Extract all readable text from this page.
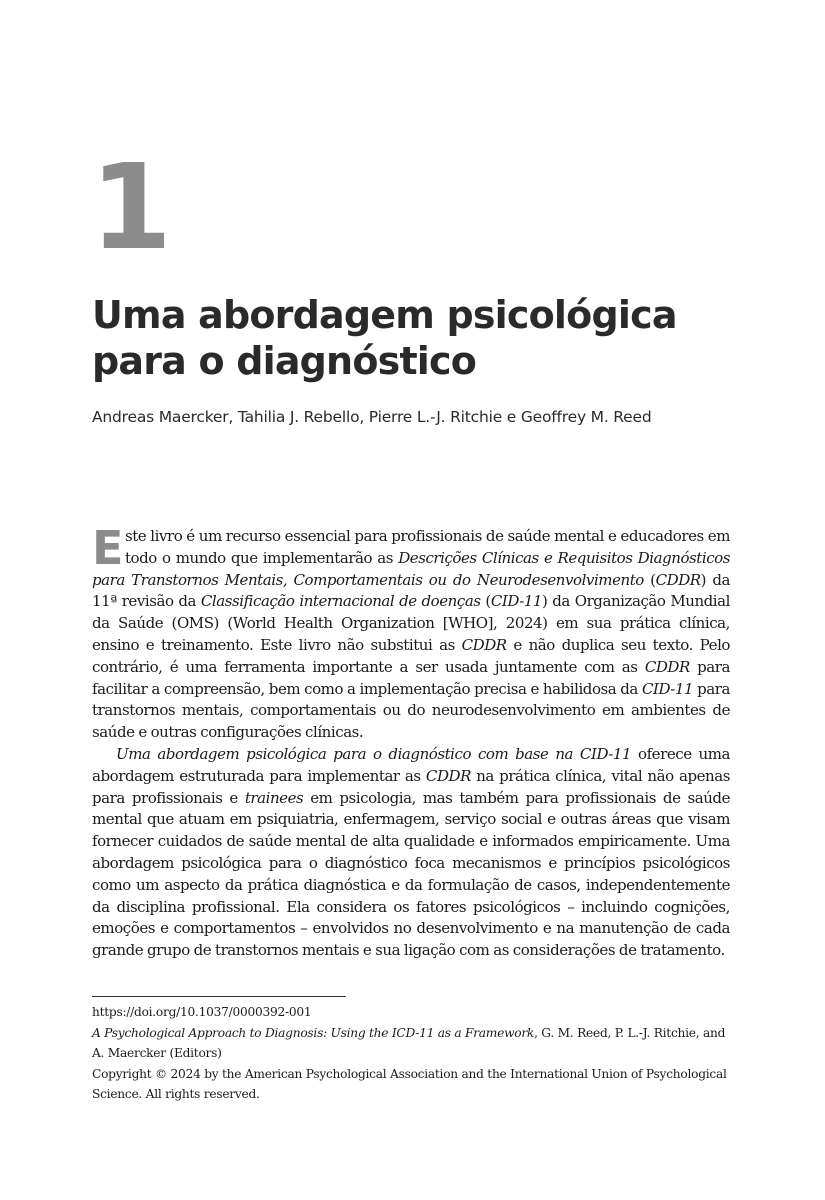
1
Uma abordagem psicológica para o diagnóstico
Andreas Maercker, Tahilia J. Rebello, Pierre L.-J. Ritchie e Geoffrey M. Reed

Este livro é um recurso essencial para profissionais de saúde mental e educadores em todo o mundo que implementarão as Descrições Clínicas e Requisitos Diagnósticos para Transtornos Mentais, Comportamentais ou do Neurodesenvolvimento (CDDR) da 11ª revisão da Classificação internacional de doenças (CID-11) da Organização Mundial da Saúde (OMS) (World Health Organization [WHO], 2024) em sua prática clínica, ensino e treinamento. Este livro não substitui as CDDR e não duplica seu texto. Pelo contrário, é uma ferramenta importante a ser usada juntamente com as CDDR para facilitar a compreensão, bem como a implementação precisa e habilidosa da CID-11 para transtornos mentais, comportamentais ou do neurodesenvolvimento em ambientes de saúde e outras configurações clínicas.

Uma abordagem psicológica para o diagnóstico com base na CID-11 oferece uma abordagem estruturada para implementar as CDDR na prática clínica, vital não apenas para profissionais e trainees em psicologia, mas também para profissionais de saúde mental que atuam em psiquiatria, enfermagem, serviço social e outras áreas que visam fornecer cuidados de saúde mental de alta qualidade e informados empiricamente. Uma abordagem psicológica para o diagnóstico foca mecanismos e princípios psicológicos como um aspecto da prática diagnóstica e da formulação de casos, independentemente da disciplina profissional. Ela considera os fatores psicológicos – incluindo cognições, emoções e comportamentos – envolvidos no desenvolvimento e na manutenção de cada grande grupo de transtornos mentais e sua ligação com as considerações de tratamento.

https://doi.org/10.1037/0000392-001
A Psychological Approach to Diagnosis: Using the ICD-11 as a Framework, G. M. Reed, P. L.-J. Ritchie, and A. Maercker (Editors)
Copyright © 2024 by the American Psychological Association and the International Union of Psychological Science. All rights reserved.
